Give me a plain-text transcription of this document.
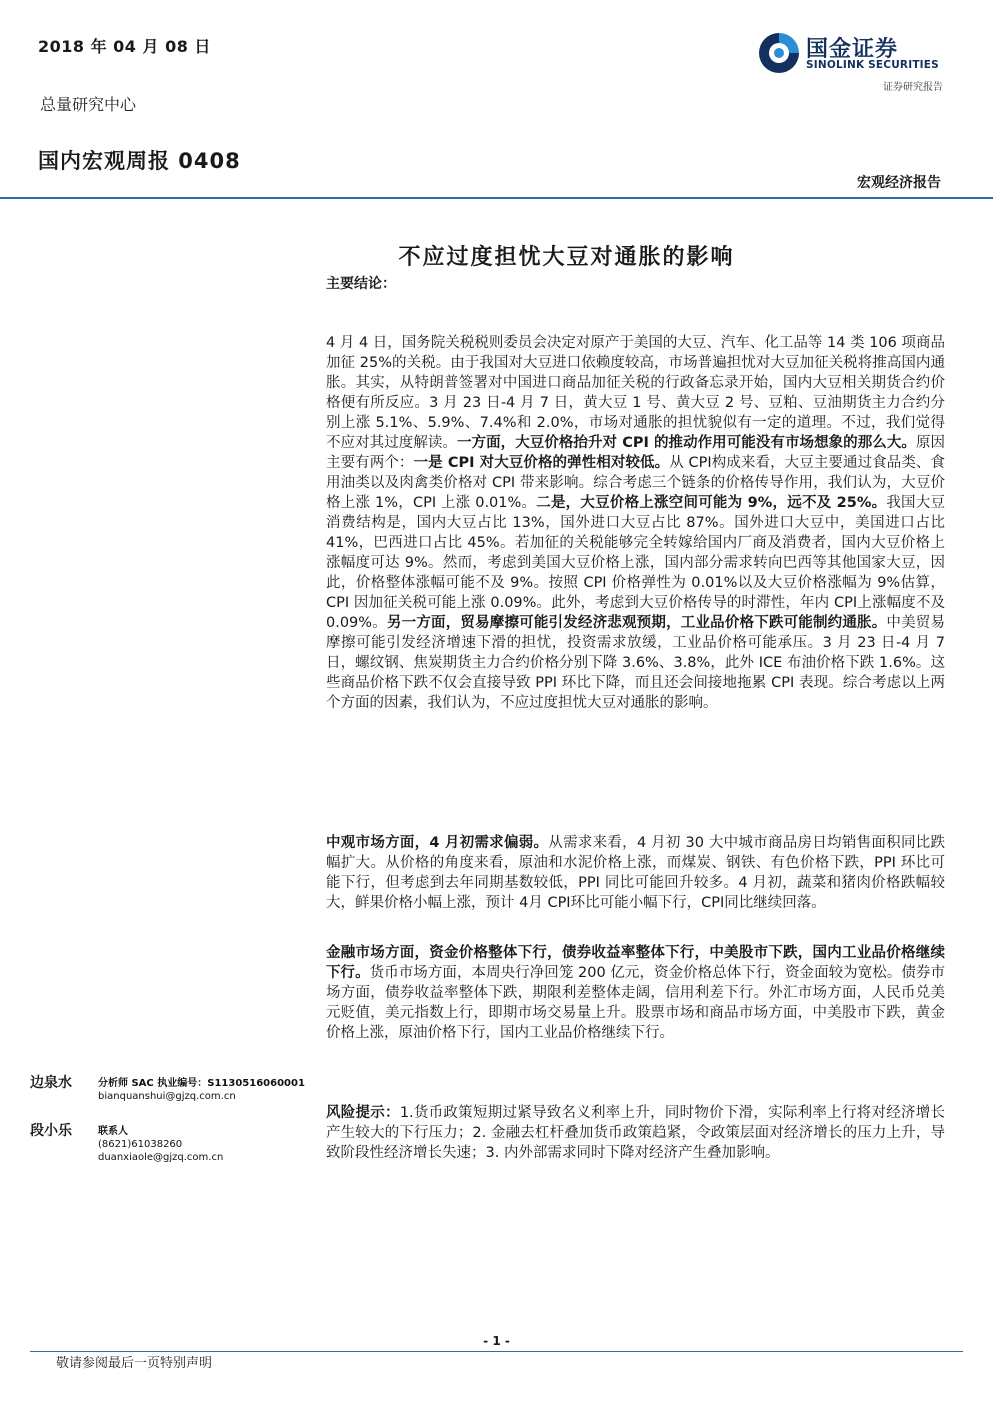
2018 年 04 月 08 日
总量研究中心
国内宏观周报 0408
国金证券
SINOLINK SECURITIES
证券研究报告
宏观经济报告
不应过度担忧大豆对通胀的影响
主要结论：
4 月 4 日，国务院关税税则委员会决定对原产于美国的大豆、汽车、化工品等 14 类 106 项商品加征 25%的关税。由于我国对大豆进口依赖度较高，市场普遍担忧对大豆加征关税将推高国内通胀。其实，从特朗普签署对中国进口商品加征关税的行政备忘录开始，国内大豆相关期货合约价格便有所反应。3 月 23 日-4 月 7 日，黄大豆 1 号、黄大豆 2 号、豆粕、豆油期货主力合约分别上涨 5.1%、5.9%、7.4%和 2.0%，市场对通胀的担忧貌似有一定的道理。不过，我们觉得不应对其过度解读。一方面，大豆价格抬升对 CPI 的推动作用可能没有市场想象的那么大。原因主要有两个：一是 CPI 对大豆价格的弹性相对较低。从 CPI构成来看，大豆主要通过食品类、食用油类以及肉禽类价格对 CPI 带来影响。综合考虑三个链条的价格传导作用，我们认为，大豆价格上涨 1%，CPI 上涨 0.01%。二是，大豆价格上涨空间可能为 9%，远不及 25%。我国大豆消费结构是，国内大豆占比 13%，国外进口大豆占比 87%。国外进口大豆中，美国进口占比 41%，巴西进口占比 45%。若加征的关税能够完全转嫁给国内厂商及消费者，国内大豆价格上涨幅度可达 9%。然而，考虑到美国大豆价格上涨，国内部分需求转向巴西等其他国家大豆，因此，价格整体涨幅可能不及 9%。按照 CPI 价格弹性为 0.01%以及大豆价格涨幅为 9%估算，CPI 因加征关税可能上涨 0.09%。此外，考虑到大豆价格传导的时滞性，年内 CPI上涨幅度不及 0.09%。另一方面，贸易摩擦可能引发经济悲观预期，工业品价格下跌可能制约通胀。中美贸易摩擦可能引发经济增速下滑的担忧，投资需求放缓，工业品价格可能承压。3 月 23 日-4 月 7 日，螺纹钢、焦炭期货主力合约价格分别下降 3.6%、3.8%，此外 ICE 布油价格下跌 1.6%。这些商品价格下跌不仅会直接导致 PPI 环比下降，而且还会间接地拖累 CPI 表现。综合考虑以上两个方面的因素，我们认为，不应过度担忧大豆对通胀的影响。
中观市场方面，4 月初需求偏弱。从需求来看，4 月初 30 大中城市商品房日均销售面积同比跌幅扩大。从价格的角度来看，原油和水泥价格上涨，而煤炭、钢铁、有色价格下跌，PPI 环比可能下行，但考虑到去年同期基数较低，PPI 同比可能回升较多。4 月初，蔬菜和猪肉价格跌幅较大，鲜果价格小幅上涨，预计 4月 CPI环比可能小幅下行，CPI同比继续回落。
金融市场方面，资金价格整体下行，债券收益率整体下行，中美股市下跌，国内工业品价格继续下行。货币市场方面，本周央行净回笼 200 亿元，资金价格总体下行，资金面较为宽松。债券市场方面，债券收益率整体下跌，期限利差整体走阔，信用利差下行。外汇市场方面，人民币兑美元贬值，美元指数上行，即期市场交易量上升。股票市场和商品市场方面，中美股市下跌，黄金价格上涨，原油价格下行，国内工业品价格继续下行。
风险提示：1.货币政策短期过紧导致名义利率上升，同时物价下滑，实际利率上行将对经济增长产生较大的下行压力；2. 金融去杠杆叠加货币政策趋紧，令政策层面对经济增长的压力上升，导致阶段性经济增长失速；3. 内外部需求同时下降对经济产生叠加影响。
边泉水	分析师 SAC 执业编号：S1130516060001
bianquanshui@gjzq.com.cn
段小乐	联系人
(8621)61038260
duanxiaole@gjzq.com.cn
- 1 -
敬请参阅最后一页特别声明
